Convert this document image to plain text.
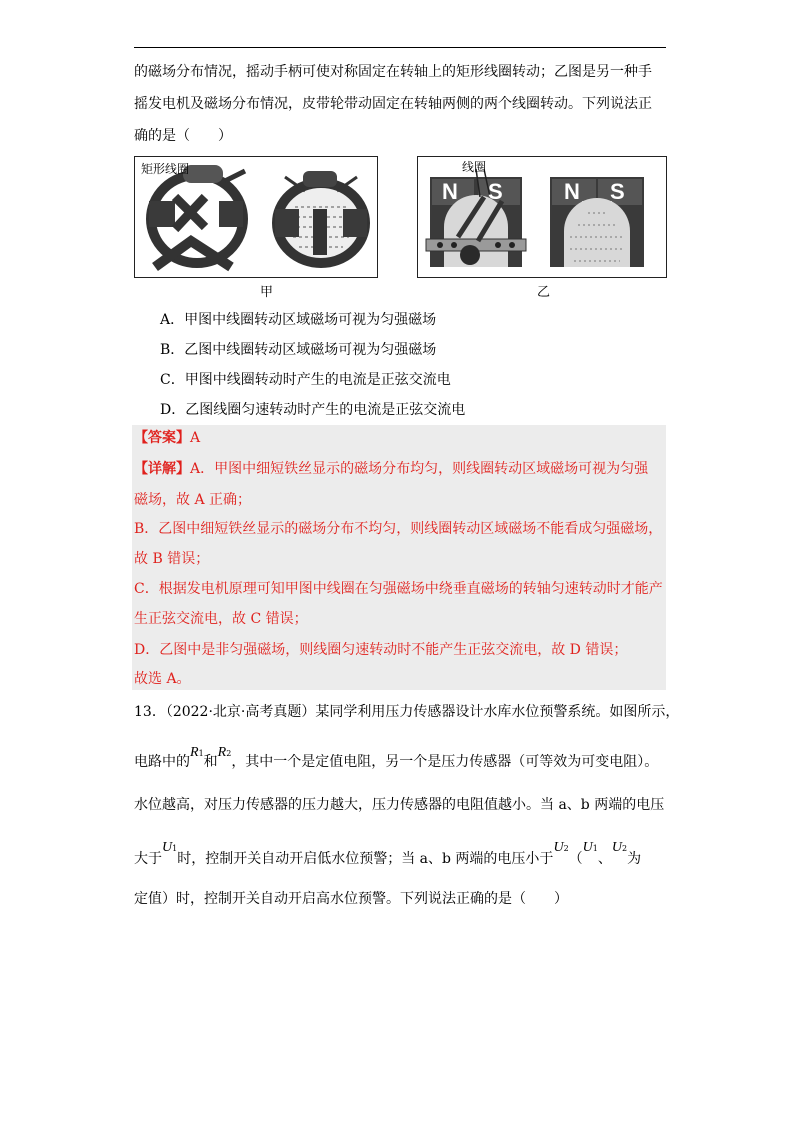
的磁场分布情况，摇动手柄可使对称固定在转轴上的矩形线圈转动；乙图是另一种手
摇发电机及磁场分布情况，皮带轮带动固定在转轴两侧的两个线圈转动。下列说法正
确的是（　　）
矩形线圈
甲
N S	N S
线圈
乙
A．甲图中线圈转动区域磁场可视为匀强磁场
B．乙图中线圈转动区域磁场可视为匀强磁场
C．甲图中线圈转动时产生的电流是正弦交流电
D．乙图线圈匀速转动时产生的电流是正弦交流电
【答案】A
【详解】A．甲图中细短铁丝显示的磁场分布均匀，则线圈转动区域磁场可视为匀强
磁场，故 A 正确；
B．乙图中细短铁丝显示的磁场分布不均匀，则线圈转动区域磁场不能看成匀强磁场，
故 B 错误；
C．根据发电机原理可知甲图中线圈在匀强磁场中绕垂直磁场的转轴匀速转动时才能产
生正弦交流电，故 C 错误；
D．乙图中是非匀强磁场，则线圈匀速转动时不能产生正弦交流电，故 D 错误；
故选 A。
13．（2022·北京·高考真题）某同学利用压力传感器设计水库水位预警系统。如图所示，
电路中的R1和R2，其中一个是定值电阻，另一个是压力传感器（可等效为可变电阻）。
水位越高，对压力传感器的压力越大，压力传感器的电阻值越小。当 a、b 两端的电压
大于U1时，控制开关自动开启低水位预警；当 a、b 两端的电压小于U2（U1、U2为
定值）时，控制开关自动开启高水位预警。下列说法正确的是（　　）
